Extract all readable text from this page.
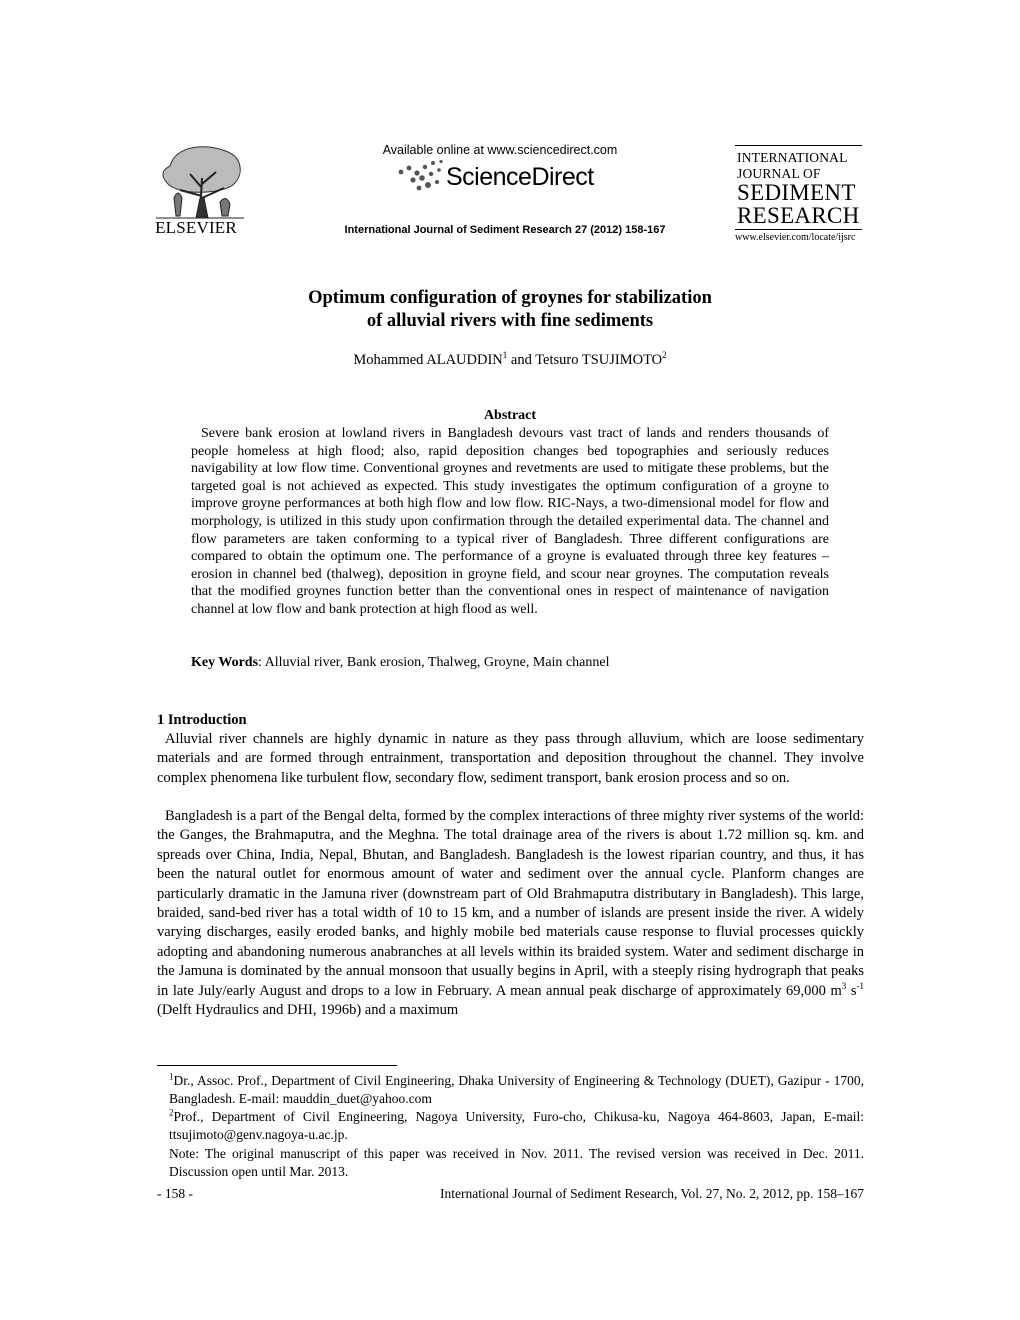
ELSEVIER
Available online at www.sciencedirect.com
ScienceDirect
International Journal of Sediment Research 27 (2012) 158-167
INTERNATIONAL
JOURNAL OF
SEDIMENT
RESEARCH
www.elsevier.com/locate/ijsrc
Optimum configuration of groynes for stabilization
of alluvial rivers with fine sediments
Mohammed ALAUDDIN$^1$ and Tetsuro TSUJIMOTO$^2$
Abstract
Severe bank erosion at lowland rivers in Bangladesh devours vast tract of lands and renders thousands of people homeless at high flood; also, rapid deposition changes bed topographies and seriously reduces navigability at low flow time. Conventional groynes and revetments are used to mitigate these problems, but the targeted goal is not achieved as expected. This study investigates the optimum configuration of a groyne to improve groyne performances at both high flow and low flow. RIC-Nays, a two-dimensional model for flow and morphology, is utilized in this study upon confirmation through the detailed experimental data. The channel and flow parameters are taken conforming to a typical river of Bangladesh. Three different configurations are compared to obtain the optimum one. The performance of a groyne is evaluated through three key features – erosion in channel bed (thalweg), deposition in groyne field, and scour near groynes. The computation reveals that the modified groynes function better than the conventional ones in respect of maintenance of navigation channel at low flow and bank protection at high flood as well.
Key Words: Alluvial river, Bank erosion, Thalweg, Groyne, Main channel
1 Introduction
Alluvial river channels are highly dynamic in nature as they pass through alluvium, which are loose sedimentary materials and are formed through entrainment, transportation and deposition throughout the channel. They involve complex phenomena like turbulent flow, secondary flow, sediment transport, bank erosion process and so on.
Bangladesh is a part of the Bengal delta, formed by the complex interactions of three mighty river systems of the world: the Ganges, the Brahmaputra, and the Meghna. The total drainage area of the rivers is about 1.72 million sq. km. and spreads over China, India, Nepal, Bhutan, and Bangladesh. Bangladesh is the lowest riparian country, and thus, it has been the natural outlet for enormous amount of water and sediment over the annual cycle. Planform changes are particularly dramatic in the Jamuna river (downstream part of Old Brahmaputra distributary in Bangladesh). This large, braided, sand-bed river has a total width of 10 to 15 km, and a number of islands are present inside the river. A widely varying discharges, easily eroded banks, and highly mobile bed materials cause response to fluvial processes quickly adopting and abandoning numerous anabranches at all levels within its braided system. Water and sediment discharge in the Jamuna is dominated by the annual monsoon that usually begins in April, with a steeply rising hydrograph that peaks in late July/early August and drops to a low in February. A mean annual peak discharge of approximately 69,000 $m^3$ $s^{-1}$ (Delft Hydraulics and DHI, 1996b) and a maximum
$^1$Dr., Assoc. Prof., Department of Civil Engineering, Dhaka University of Engineering & Technology (DUET), Gazipur - 1700, Bangladesh. E-mail: mauddin_duet@yahoo.com
$^2$Prof., Department of Civil Engineering, Nagoya University, Furo-cho, Chikusa-ku, Nagoya 464-8603, Japan, E-mail: ttsujimoto@genv.nagoya-u.ac.jp.
Note: The original manuscript of this paper was received in Nov. 2011. The revised version was received in Dec. 2011. Discussion open until Mar. 2013.
- 158 -	International Journal of Sediment Research, Vol. 27, No. 2, 2012, pp. 158–167
